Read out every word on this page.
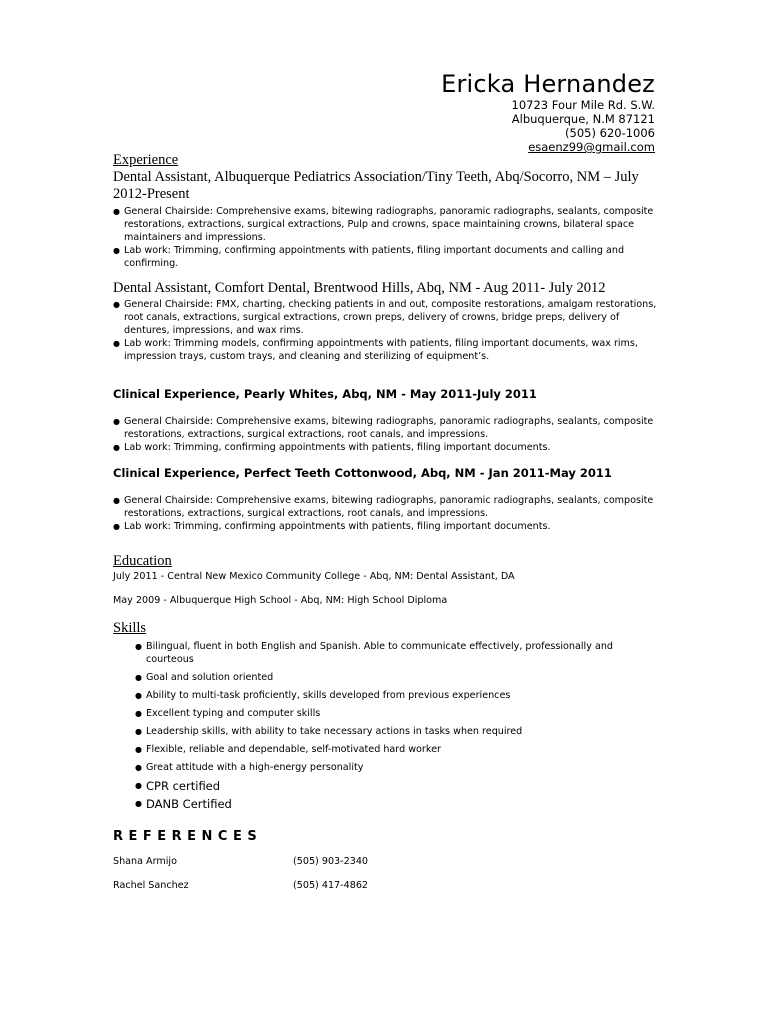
Ericka Hernandez
10723 Four Mile Rd. S.W.
Albuquerque, N.M 87121
(505) 620-1006
esaenz99@gmail.com
Experience
Dental Assistant, Albuquerque Pediatrics Association/Tiny Teeth, Abq/Socorro, NM – July 2012-Present
● General Chairside: Comprehensive exams, bitewing radiographs, panoramic radiographs, sealants, composite restorations, extractions, surgical extractions, Pulp and crowns, space maintaining crowns, bilateral space maintainers and impressions.
● Lab work: Trimming, confirming appointments with patients, filing important documents and calling and confirming.
Dental Assistant, Comfort Dental, Brentwood Hills, Abq, NM - Aug 2011- July 2012
● General Chairside: FMX, charting, checking patients in and out, composite restorations, amalgam restorations, root canals, extractions, surgical extractions, crown preps, delivery of crowns, bridge preps, delivery of dentures, impressions, and wax rims.
● Lab work: Trimming models, confirming appointments with patients, filing important documents, wax rims, impression trays, custom trays, and cleaning and sterilizing of equipment’s.
Clinical Experience, Pearly Whites, Abq, NM - May 2011-July 2011
● General Chairside: Comprehensive exams, bitewing radiographs, panoramic radiographs, sealants, composite restorations, extractions, surgical extractions, root canals, and impressions.
● Lab work: Trimming, confirming appointments with patients, filing important documents.
Clinical Experience, Perfect Teeth Cottonwood, Abq, NM - Jan 2011-May 2011
● General Chairside: Comprehensive exams, bitewing radiographs, panoramic radiographs, sealants, composite restorations, extractions, surgical extractions, root canals, and impressions.
● Lab work: Trimming, confirming appointments with patients, filing important documents.
Education
July 2011 - Central New Mexico Community College - Abq, NM: Dental Assistant, DA
May 2009 - Albuquerque High School - Abq, NM: High School Diploma
Skills
● Bilingual, fluent in both English and Spanish. Able to communicate effectively, professionally and courteous
● Goal and solution oriented
● Ability to multi-task proficiently, skills developed from previous experiences
● Excellent typing and computer skills
● Leadership skills, with ability to take necessary actions in tasks when required
● Flexible, reliable and dependable, self-motivated hard worker
● Great attitude with a high-energy personality
● CPR certified
● DANB Certified
REFERENCES
Shana Armijo	(505) 903-2340
Rachel Sanchez	(505) 417-4862
